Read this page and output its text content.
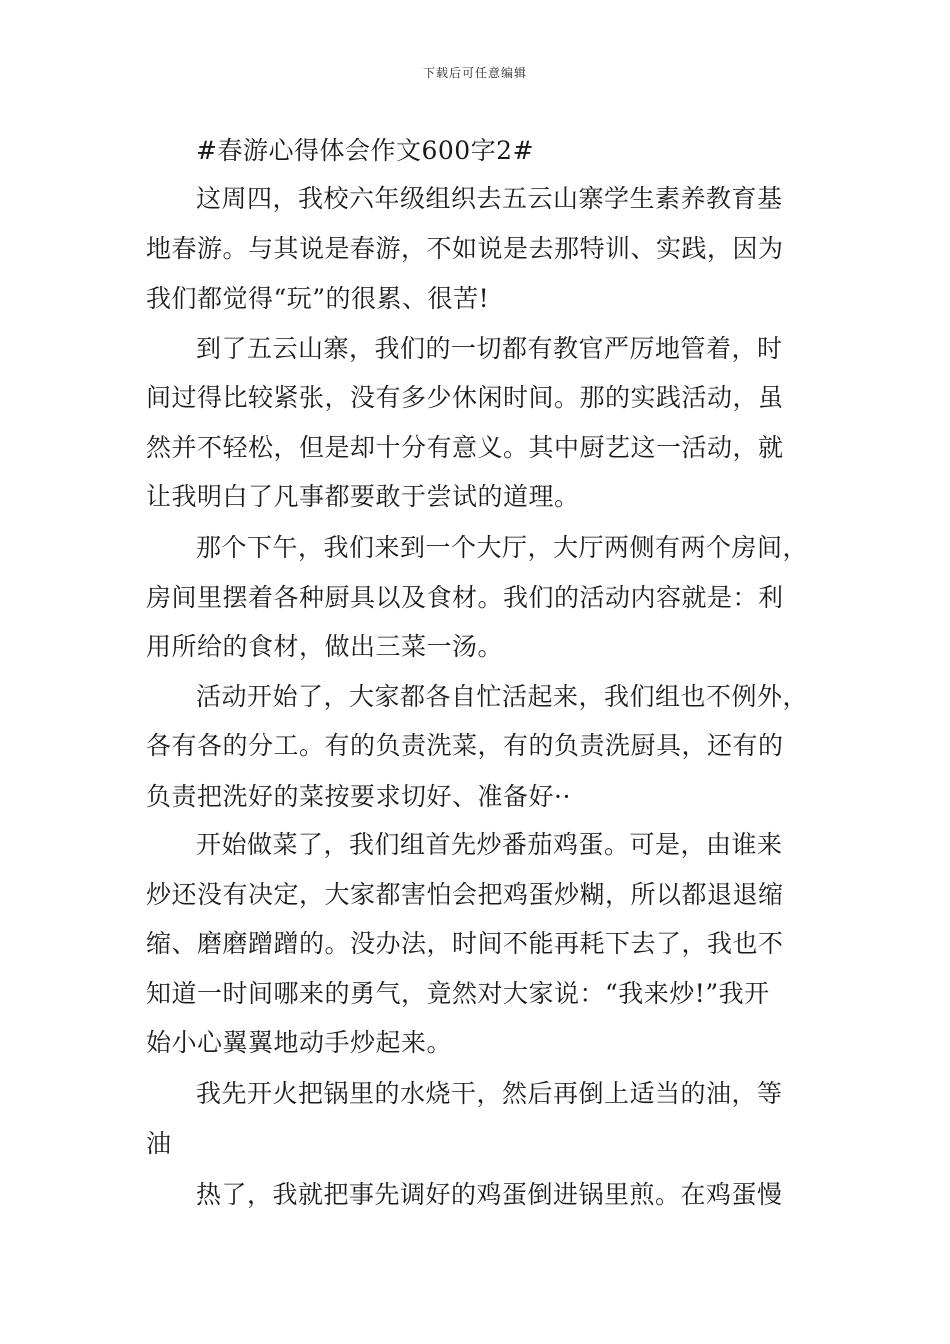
下载后可任意编辑
#春游心得体会作文600字2#
这周四，我校六年级组织去五云山寨学生素养教育基
地春游。与其说是春游，不如说是去那特训、实践，因为
我们都觉得“玩”的很累、很苦!
到了五云山寨，我们的一切都有教官严厉地管着，时
间过得比较紧张，没有多少休闲时间。那的实践活动，虽
然并不轻松，但是却十分有意义。其中厨艺这一活动，就
让我明白了凡事都要敢于尝试的道理。
那个下午，我们来到一个大厅，大厅两侧有两个房间，
房间里摆着各种厨具以及食材。我们的活动内容就是：利
用所给的食材，做出三菜一汤。
活动开始了，大家都各自忙活起来，我们组也不例外，
各有各的分工。有的负责洗菜，有的负责洗厨具，还有的
负责把洗好的菜按要求切好、准备好··
开始做菜了，我们组首先炒番茄鸡蛋。可是，由谁来
炒还没有决定，大家都害怕会把鸡蛋炒糊，所以都退退缩
缩、磨磨蹭蹭的。没办法，时间不能再耗下去了，我也不
知道一时间哪来的勇气，竟然对大家说：“我来炒!”我开
始小心翼翼地动手炒起来。
我先开火把锅里的水烧干，然后再倒上适当的油，等
油
热了，我就把事先调好的鸡蛋倒进锅里煎。在鸡蛋慢
